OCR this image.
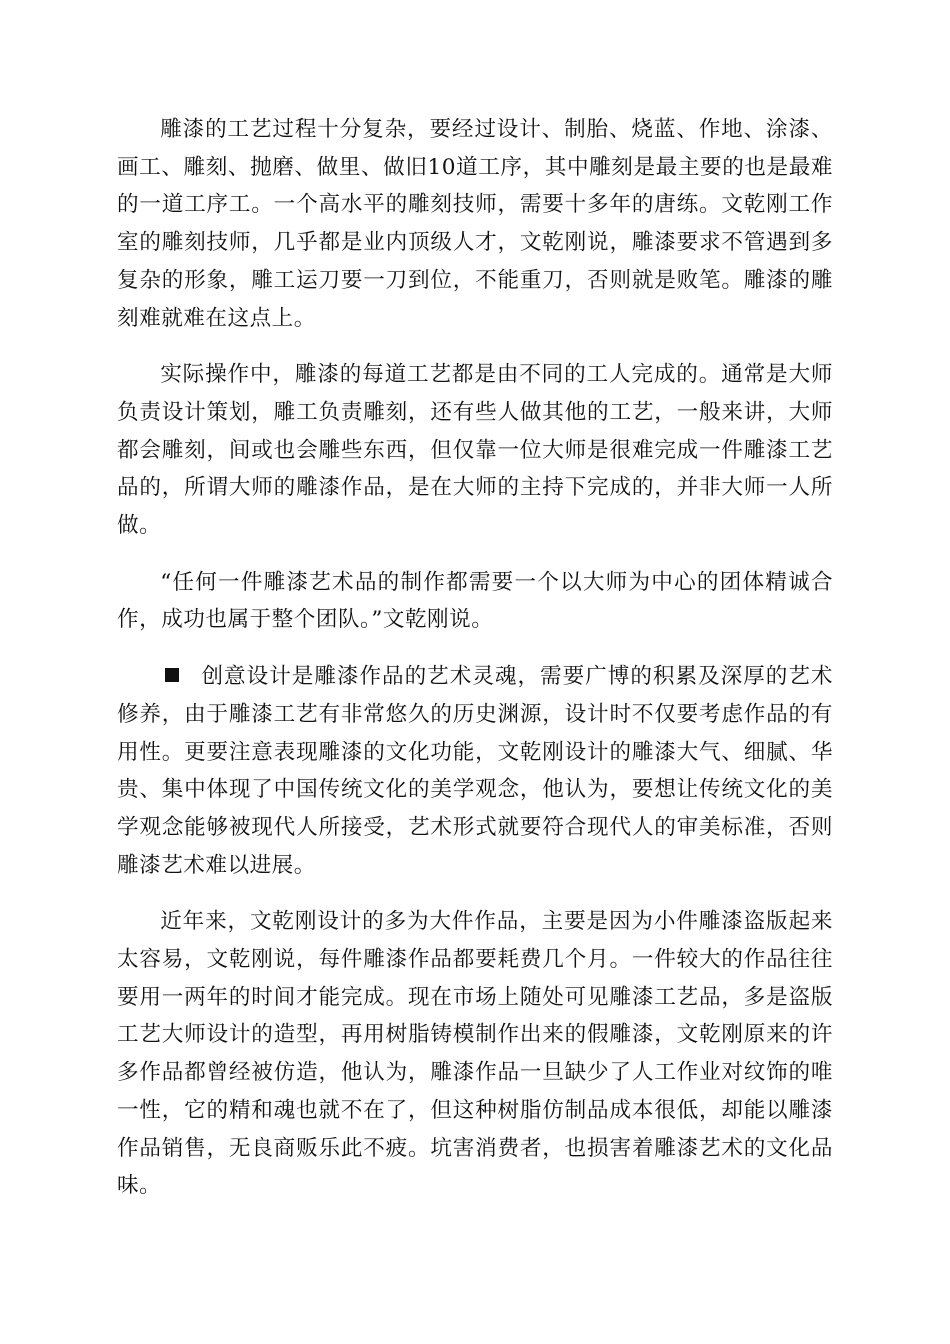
雕漆的工艺过程十分复杂，要经过设计、制胎、烧蓝、作地、涂漆、画工、雕刻、抛磨、做里、做旧10道工序，其中雕刻是最主要的也是最难的一道工序工。一个高水平的雕刻技师，需要十多年的唐练。文乾刚工作室的雕刻技师，几乎都是业内顶级人才，文乾刚说，雕漆要求不管遇到多复杂的形象，雕工运刀要一刀到位，不能重刀，否则就是败笔。雕漆的雕刻难就难在这点上。

实际操作中，雕漆的每道工艺都是由不同的工人完成的。通常是大师负责设计策划，雕工负责雕刻，还有些人做其他的工艺，一般来讲，大师都会雕刻，间或也会雕些东西，但仅靠一位大师是很难完成一件雕漆工艺品的，所谓大师的雕漆作品，是在大师的主持下完成的，并非大师一人所做。

“任何一件雕漆艺术品的制作都需要一个以大师为中心的团体精诚合作，成功也属于整个团队。”文乾刚说。

创意设计是雕漆作品的艺术灵魂，需要广博的积累及深厚的艺术修养，由于雕漆工艺有非常悠久的历史渊源，设计时不仅要考虑作品的有用性。更要注意表现雕漆的文化功能，文乾刚设计的雕漆大气、细腻、华贵、集中体现了中国传统文化的美学观念，他认为，要想让传统文化的美学观念能够被现代人所接受，艺术形式就要符合现代人的审美标准，否则雕漆艺术难以进展。

近年来，文乾刚设计的多为大件作品，主要是因为小件雕漆盗版起来太容易，文乾刚说，每件雕漆作品都要耗费几个月。一件较大的作品往往要用一两年的时间才能完成。现在市场上随处可见雕漆工艺品，多是盗版工艺大师设计的造型，再用树脂铸模制作出来的假雕漆，文乾刚原来的许多作品都曾经被仿造，他认为，雕漆作品一旦缺少了人工作业对纹饰的唯一性，它的精和魂也就不在了，但这种树脂仿制品成本很低，却能以雕漆作品销售，无良商贩乐此不疲。坑害消费者，也损害着雕漆艺术的文化品味。
